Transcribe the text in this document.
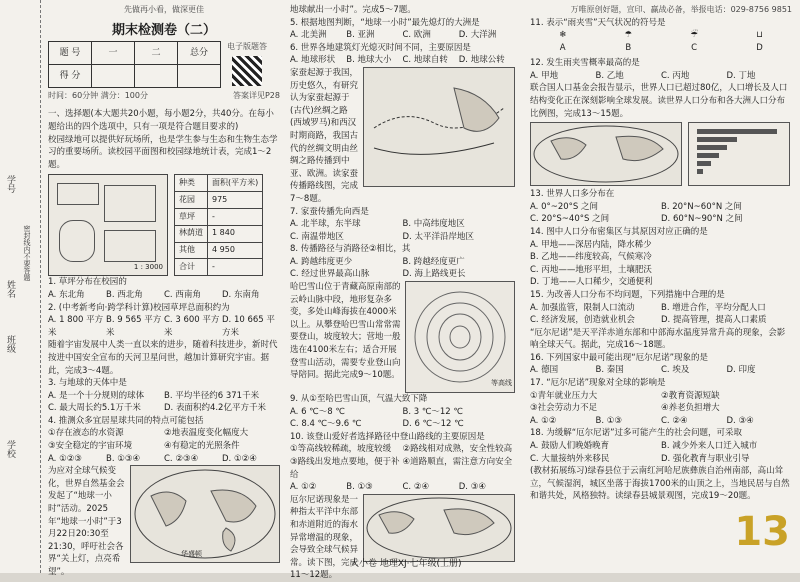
学号
姓名
班级
学校
密封线内不要答题
先做再小看，做深更佳
期末检测卷（二）
题 号	一	二	总分
得 分			
电子版题答
时间：60分钟 满分：100分	答案详见P28

一、选择题(本大题共20小题，每小题2分，共40分。在每小题给出的四个选项中，只有一项是符合题目要求的)

校园绿地可以提供好玩场所，也是学生参与生态和生物生态学习的重要场所。读校园平面图和校园绿地统计表，完成1～2题。

1 : 3000
种类	面积(平方米)
花园	975
草坪	-
林荫道	1 840
其他	4 950
合计	-

1. 草坪分布在校园的

A. 东北角	B. 西北角	C. 西南角	D. 东南角

2. (中考新考向·跨学科计算)校园草坪总面积约为

A. 1 800 平方米
B. 9 565 平方米
C. 3 600 平方米
D. 10 665 平方米

随着宇宙发展中人类一直以来的进步，随着科技进步，新时代按进中国安全宣布的天河卫星问世，越加计算研究宇宙。据此，完成3～4题。

3. 与地球的天体中是

A. 是一个十分规则的球体	B. 平均半径约6 371千米
C. 最大周长约5.1万千米	D. 表面积约4.2亿平方千米

4. 推测众多宜居星球共同的特点可能包括

①存在液态的水资源	②地表温度变化幅度大
③安全稳定的宇宙环境	④有稳定的光照条件
A. ①②③	B. ①③④	C. ②③④	D. ①②④

为应对全球气候变化，世界自然基金会发起了“地球一小时”活动。2025年“地球一小时”于3月22日20:30至21:30，呼吁社会各界“关上灯，点亮希望”。

华盛顿

地球献出一小时”。完成5～7题。

5. 根据地图判断，“地球一小时”最先熄灯的大洲是

A. 北美洲	B. 亚洲	C. 欧洲	D. 大洋洲

6. 世界各地建筑灯光熄灭时间不同，主要原因是

A. 地球形状	B. 地球大小	C. 地球自转	D. 地球公转

家蚕起源于我国，历史悠久，有研究认为家蚕起源于(古代)丝绸之路(西域罗马)和西汉时期商路，我国古代的丝绸文明由丝绸之路传播到中亚、欧洲。读家蚕传播路线图，完成7～8题。

7. 家蚕传播先向西是

A. 北半球，东半球	B. 中高纬度地区
C. 南温带地区	D. 太平洋沿岸地区

8. 传播路径与消路径②相比，其

A. 跨越纬度更少	B. 跨越经度更广
C. 经过世界最高山脉	D. 海上路线更长

哈巴雪山位于青藏高原南部的云岭山脉中段，地形复杂多变，多处山峰海拔在4000米以上。从攀登哈巴雪山常常需要登山，坡度较大；营地一般选在4100米左右；适合开展登雪山活动，需要专业登山向导陪同。据此完成9～10题。

等高线

9. 从①至哈巴雪山顶，气温大致下降

A. 6 ℃～8 ℃	B. 3 ℃～12 ℃
C. 8.4 ℃～9.6 ℃	D. 6 ℃～12 ℃

10. 该登山爱好者选择路径中登山路线的主要原因是

①等高线较稀疏，坡度较缓	②路线相对成熟，安全性较高
③路线出发地点要地，便于补给
④道路顺直，需注意方向安全
A. ①②	B. ①③	C. ②④	D. ③④

厄尔尼诺现象是一种指太平洋中东部和赤道附近的海水异常增温的现象，会导致全球气候异常。读下图，完成11～12题。

大小卷 地理XJ·七年级(上册)
万唯原创好题，宣印、赢战必备，举报电话：029-8756 9851

11. 表示“雨夹雪”天气状况的符号是

❄
A
☂
B
☔
C
⊔
D

12. 发生雨夹雪概率最高的是

A. 甲地	B. 乙地	C. 丙地	D. 丁地

联合国人口基金会报告显示，世界人口已超过80亿，人口增长及人口结构变化正在深刻影响全球发展。读世界人口分布和各大洲人口分布比例图，完成13～15题。

13. 世界人口多分布在

A. 0°~20°S 之间	B. 20°N~60°N 之间
C. 20°S~40°S 之间	D. 60°N~90°N 之间

14. 图中人口分布密集区与其原因对应正确的是

A. 甲地——深居内陆，降水稀少

B. 乙地——纬度较高，气候寒冷

C. 丙地——地形平坦，土壤肥沃

D. 丁地——人口稀少，交通便利

15. 为改善人口分布不均问题，下列措施中合理的是

A. 加强监管，限制人口流动	B. 增进合作，平均分配人口
C. 经济发展，创造就业机会	D. 提高管理，提高人口素质

“厄尔尼诺”是天平洋赤道东部和中部海水温度异常升高的现象，会影响全球天气。据此，完成16～18题。

16. 下列国家中最可能出现“厄尔尼诺”现象的是

A. 德国	B. 秦国	C. 埃及	D. 印度

17. “厄尔尼诺”现象对全球的影响是

①青年就业压力大	②教育资源短缺
③社会劳动力不足	④养老负担增大
A. ①②	B. ①③	C. ②④	D. ③④

18. 为缓解“厄尔尼诺”过多可能产生的社会问题，可采取

A. 鼓励人们晚婚晚育	B. 减少外来人口迁入城市
C. 大量接纳外来移民	D. 强化教育与职业引导

(教材拓展练习)绿春县位于云南红河哈尼族彝族自治州南部，高山耸立，气候湿润，城区坐落于海拔1700米的山顶之上，当地民居与自然和谐共处，风格独特。读绿春县城景观图，完成19～20题。

13
